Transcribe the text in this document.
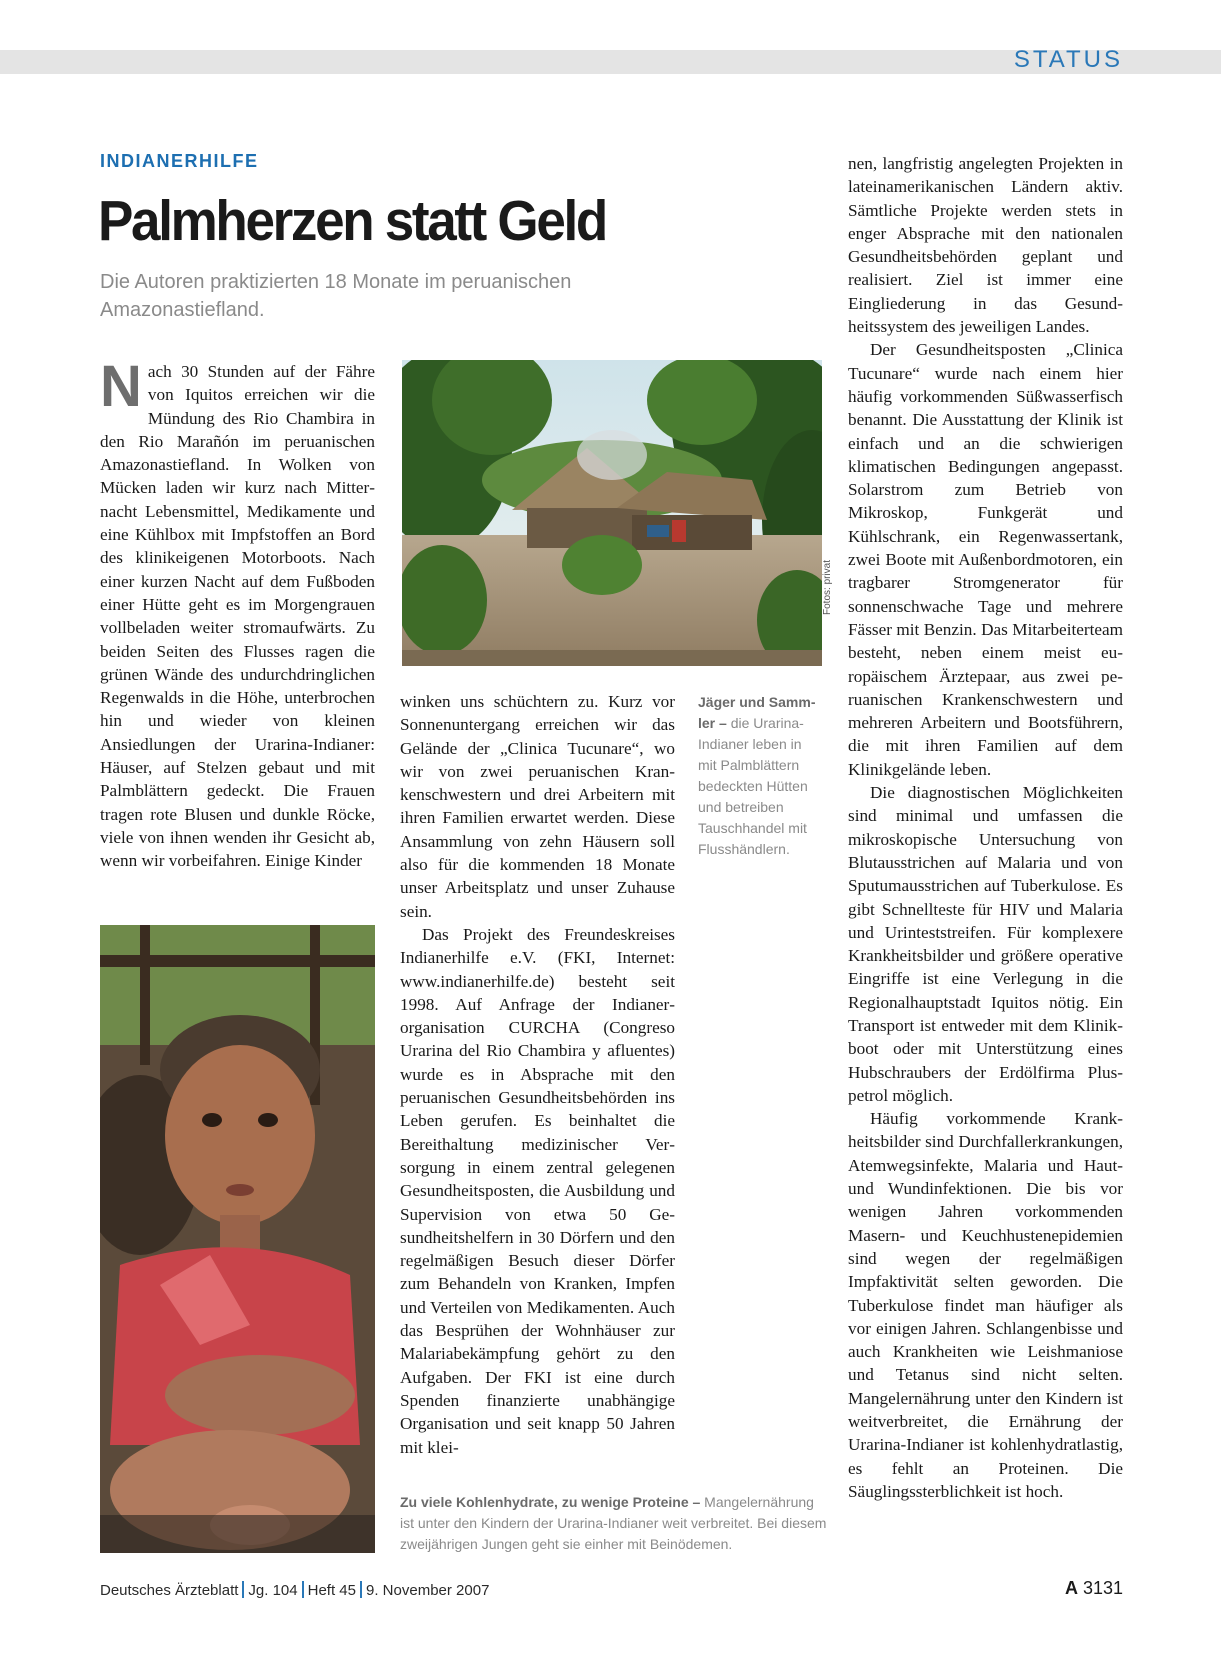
STATUS
INDIANERHILFE
Palmherzen statt Geld
Die Autoren praktizierten 18 Monate im peruanischen Amazonastiefland.

Nach 30 Stunden auf der Fähre von Iquitos erreichen wir die Mündung des Rio Chambira in den Rio Marañón im peruanischen Amazonastiefland. In Wolken von Mücken laden wir kurz nach Mitternacht Lebensmittel, Medikamente und eine Kühlbox mit Impfstoffen an Bord des klinikeigenen Motorboots. Nach einer kurzen Nacht auf dem Fußboden einer Hütte geht es im Morgengrauen vollbeladen weiter stromaufwärts. Zu beiden Seiten des Flusses ragen die grünen Wände des undurchdringlichen Regenwalds in die Höhe, unterbrochen hin und wieder von kleinen Ansiedlungen der Urarina-Indianer: Häuser, auf Stelzen gebaut und mit Palmblättern gedeckt. Die Frauen tragen rote Blusen und dunkle Röcke, viele von ihnen wenden ihr Gesicht ab, wenn wir vorbeifahren. Einige Kinder

Fotos: privat
Jäger und Sammler – die Urarina-Indianer leben in mit Palmblättern bedeckten Hütten und betreiben Tauschhandel mit Flusshändlern.

winken uns schüchtern zu. Kurz vor Sonnenuntergang erreichen wir das Gelände der „Clinica Tucunare“, wo wir von zwei peruanischen Krankenschwestern und drei Arbeitern mit ihren Familien erwartet werden. Diese Ansammlung von zehn Häusern soll also für die kommenden 18 Monate unser Arbeitsplatz und unser Zuhause sein.

Das Projekt des Freundeskreises Indianerhilfe e.V. (FKI, Internet: www.indianerhilfe.de) besteht seit 1998. Auf Anfrage der Indianerorganisation CURCHA (Congreso Urarina del Rio Chambira y afluentes) wurde es in Absprache mit den peruanischen Gesundheitsbehörden ins Leben gerufen. Es beinhaltet die Bereithaltung medizinischer Versorgung in einem zentral gelegenen Gesundheitsposten, die Ausbildung und Supervision von etwa 50 Gesundheitshelfern in 30 Dörfern und den regelmäßigen Besuch dieser Dörfer zum Behandeln von Kranken, Impfen und Verteilen von Medikamenten. Auch das Besprühen der Wohnhäuser zur Malariabekämpfung gehört zu den Aufgaben. Der FKI ist eine durch Spenden finanzierte unabhängige Organisation und seit knapp 50 Jahren mit klei-

Zu viele Kohlenhydrate, zu wenige Proteine – Mangelernährung ist unter den Kindern der Urarina-Indianer weit verbreitet. Bei diesem zweijährigen Jungen geht sie einher mit Beinödemen.

nen, langfristig angelegten Projekten in lateinamerikanischen Ländern aktiv. Sämtliche Projekte werden stets in enger Absprache mit den nationalen Gesundheitsbehörden geplant und realisiert. Ziel ist immer eine Eingliederung in das Gesundheitssystem des jeweiligen Landes.

Der Gesundheitsposten „Clinica Tucunare“ wurde nach einem hier häufig vorkommenden Süßwasserfisch benannt. Die Ausstattung der Klinik ist einfach und an die schwierigen klimatischen Bedingungen angepasst. Solarstrom zum Betrieb von Mikroskop, Funkgerät und Kühlschrank, ein Regenwassertank, zwei Boote mit Außenbordmotoren, ein tragbarer Stromgenerator für sonnenschwache Tage und mehrere Fässer mit Benzin. Das Mitarbeiterteam besteht, neben einem meist europäischem Ärztepaar, aus zwei peruanischen Krankenschwestern und mehreren Arbeitern und Bootsführern, die mit ihren Familien auf dem Klinikgelände leben.

Die diagnostischen Möglichkeiten sind minimal und umfassen die mikroskopische Untersuchung von Blutausstrichen auf Malaria und von Sputumausstrichen auf Tuberkulose. Es gibt Schnellteste für HIV und Malaria und Urinteststreifen. Für komplexere Krankheitsbilder und größere operative Eingriffe ist eine Verlegung in die Regionalhauptstadt Iquitos nötig. Ein Transport ist entweder mit dem Klinikboot oder mit Unterstützung eines Hubschraubers der Erdölfirma Pluspetrol möglich.

Häufig vorkommende Krankheitsbilder sind Durchfallerkrankungen, Atemwegsinfekte, Malaria und Haut- und Wundinfektionen. Die bis vor wenigen Jahren vorkommenden Masern- und Keuchhustenepidemien sind wegen der regelmäßigen Impfaktivität selten geworden. Die Tuberkulose findet man häufiger als vor einigen Jahren. Schlangenbisse und auch Krankheiten wie Leishmaniose und Tetanus sind nicht selten. Mangelernährung unter den Kindern ist weitverbreitet, die Ernährung der Urarina-Indianer ist kohlenhydratlastig, es fehlt an Proteinen. Die Säuglingssterblichkeit ist hoch.

Deutsches Ärzteblatt Jg. 104 Heft 45 9. November 2007	A 3131
